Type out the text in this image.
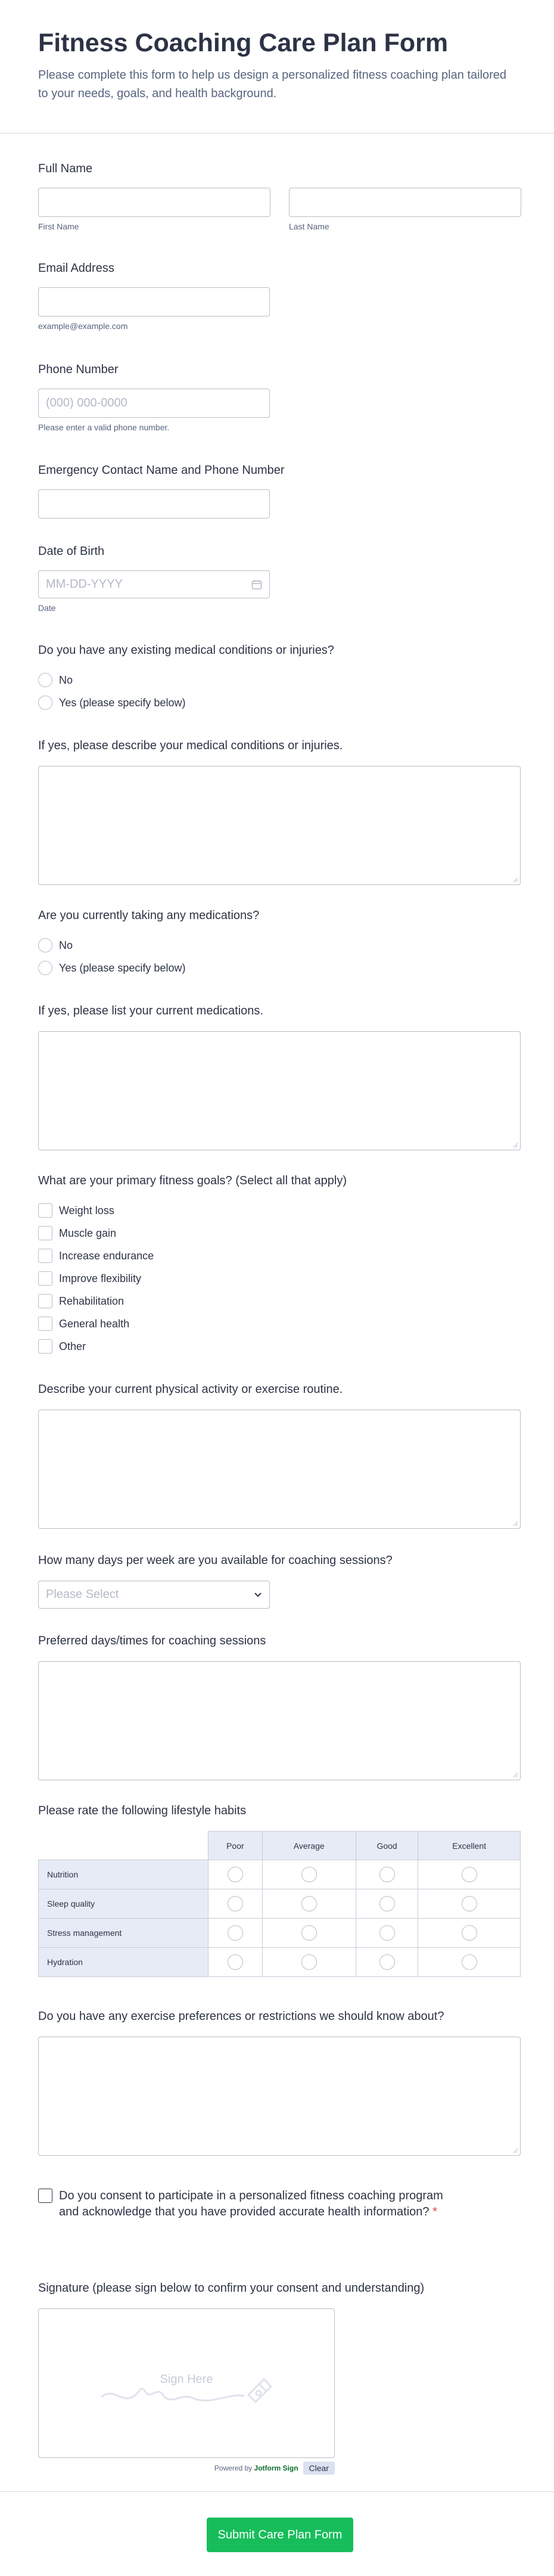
Fitness Coaching Care Plan Form

Please complete this form to help us design a personalized fitness coaching plan tailored to your needs, goals, and health background.

Full Name
First Name	Last Name
Email Address
example@example.com
Phone Number
(000) 000-0000
Please enter a valid phone number.
Emergency Contact Name and Phone Number
Date of Birth
MM-DD-YYYY
Date
Do you have any existing medical conditions or injuries?
No
Yes (please specify below)
If yes, please describe your medical conditions or injuries.
Are you currently taking any medications?
No
Yes (please specify below)
If yes, please list your current medications.
What are your primary fitness goals? (Select all that apply)
Weight loss
Muscle gain
Increase endurance
Improve flexibility
Rehabilitation
General health
Other
Describe your current physical activity or exercise routine.
How many days per week are you available for coaching sessions?
Please Select
Preferred days/times for coaching sessions
Please rate the following lifestyle habits
	Poor	Average	Good	Excellent
Nutrition				
Sleep quality				
Stress management				
Hydration				
Do you have any exercise preferences or restrictions we should know about?
Do you consent to participate in a personalized fitness coaching program and acknowledge that you have provided accurate health information? *
Signature (please sign below to confirm your consent and understanding)
Sign Here
Powered by Jotform Sign	Clear
Submit Care Plan Form
